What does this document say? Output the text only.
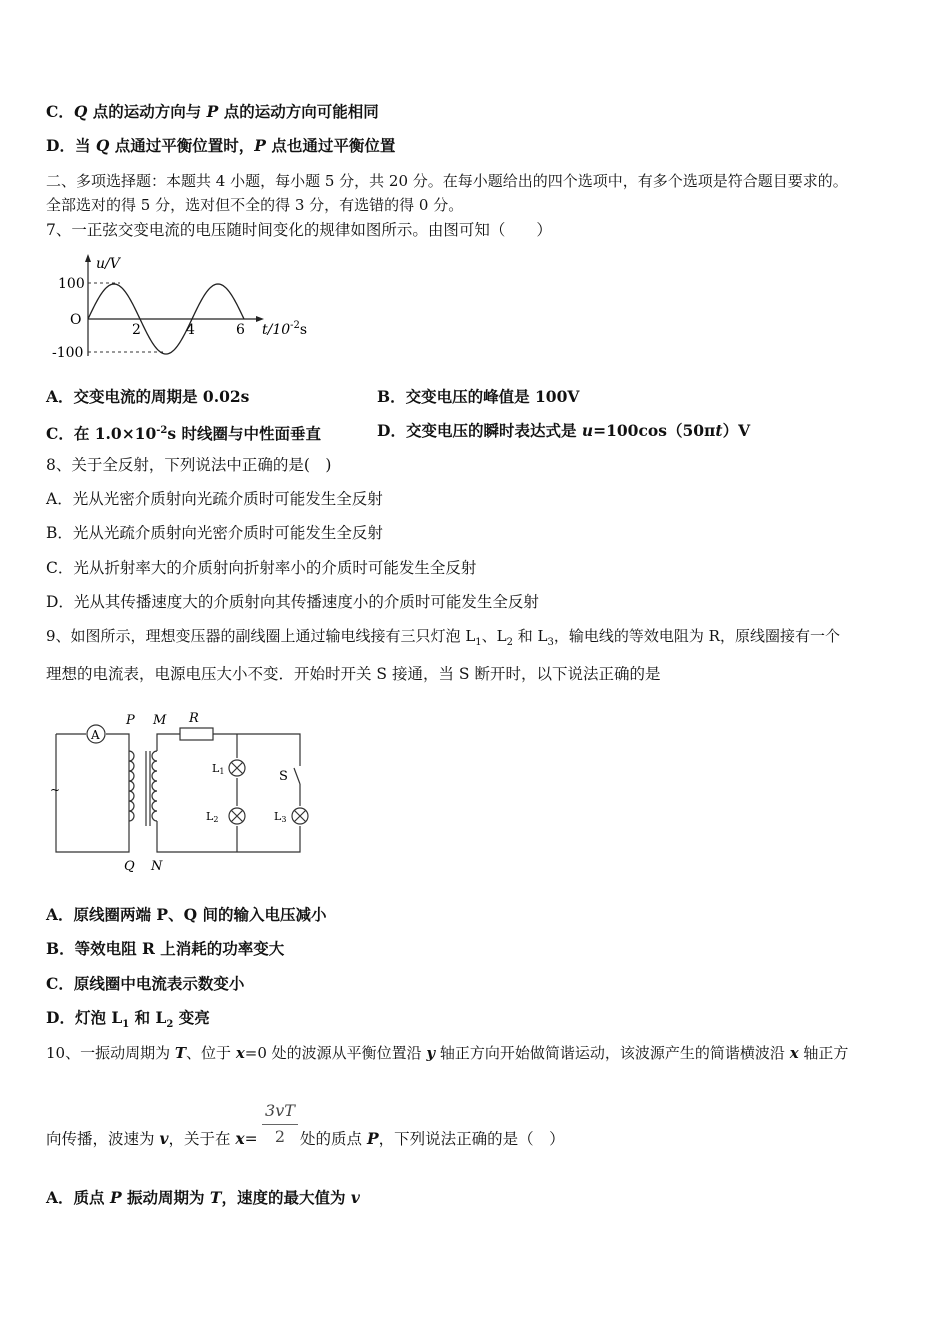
C．Q 点的运动方向与 P 点的运动方向可能相同
D．当 Q 点通过平衡位置时，P 点也通过平衡位置
二、多项选择题：本题共 4 小题，每小题 5 分，共 20 分。在每小题给出的四个选项中，有多个选项是符合题目要求的。
全部选对的得 5 分，选对但不全的得 3 分，有选错的得 0 分。
7、一正弦交变电流的电压随时间变化的规律如图所示。由图可知（　　）
u/V
100
O
-100
2	4	6 $t/10^{-2}s$
A．交变电流的周期是 0.02s	B．交变电压的峰值是 100V
C．在 $1.0\times 10^{-2}s$ 时线圈与中性面垂直	D．交变电压的瞬时表达式是 u=100cos（50πt）V
8、关于全反射，下列说法中正确的是(　)
A．光从光密介质射向光疏介质时可能发生全反射
B．光从光疏介质射向光密介质时可能发生全反射
C．光从折射率大的介质射向折射率小的介质时可能发生全反射
D．光从其传播速度大的介质射向其传播速度小的介质时可能发生全反射
9、如图所示，理想变压器的副线圈上通过输电线接有三只灯泡 $L_1$、$L_2$ 和 $L_3$，输电线的等效电阻为 R，原线圈接有一个
理想的电流表，电源电压大小不变．开始时开关 S 接通，当 S 断开时，以下说法正确的是
A
P M R
Q N
~
S
L1
L2	L3
A．原线圈两端 P、Q 间的输入电压减小
B．等效电阻 R 上消耗的功率变大
C．原线圈中电流表示数变小
D．灯泡 $L_1$ 和 $L_2$ 变亮
10、一振动周期为 T、位于 x=0 处的波源从平衡位置沿 y 轴正方向开始做简谐运动，该波源产生的简谐横波沿 x 轴正方
向传播，波速为 v，关于在 x=
3vT
2 处的质点 P，下列说法正确的是（　）
A．质点 P 振动周期为 T，速度的最大值为 v
